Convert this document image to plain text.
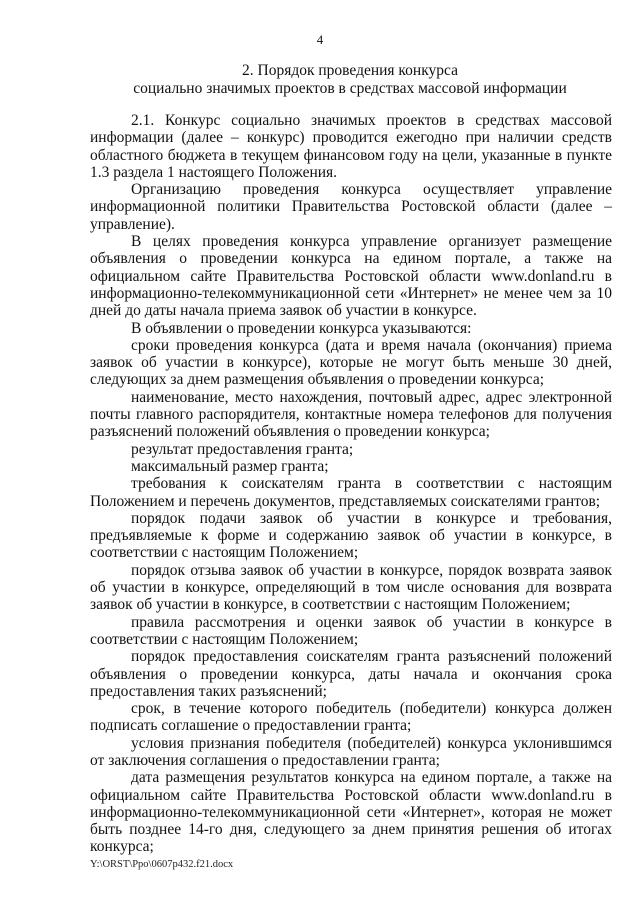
4
2. Порядок проведения конкурса
социально значимых проектов в средствах массовой информации

2.1. Конкурс социально значимых проектов в средствах массовой информации (далее – конкурс) проводится ежегодно при наличии средств областного бюджета в текущем финансовом году на цели, указанные в пункте 1.3 раздела 1 настоящего Положения.

Организацию проведения конкурса осуществляет управление информационной политики Правительства Ростовской области (далее – управление).

В целях проведения конкурса управление организует размещение объявления о проведении конкурса на едином портале, а также на официальном сайте Правительства Ростовской области www.donland.ru в информационно-телекоммуникационной сети «Интернет» не менее чем за 10 дней до даты начала приема заявок об участии в конкурсе.

В объявлении о проведении конкурса указываются:

сроки проведения конкурса (дата и время начала (окончания) приема заявок об участии в конкурсе), которые не могут быть меньше 30 дней, следующих за днем размещения объявления о проведении конкурса;

наименование, место нахождения, почтовый адрес, адрес электронной почты главного распорядителя, контактные номера телефонов для получения разъяснений положений объявления о проведении конкурса;

результат предоставления гранта;

максимальный размер гранта;

требования к соискателям гранта в соответствии с настоящим Положением и перечень документов, представляемых соискателями грантов;

порядок подачи заявок об участии в конкурсе и требования, предъявляемые к форме и содержанию заявок об участии в конкурсе, в соответствии с настоящим Положением;

порядок отзыва заявок об участии в конкурсе, порядок возврата заявок об участии в конкурсе, определяющий в том числе основания для возврата заявок об участии в конкурсе, в соответствии с настоящим Положением;

правила рассмотрения и оценки заявок об участии в конкурсе в соответствии с настоящим Положением;

порядок предоставления соискателям гранта разъяснений положений объявления о проведении конкурса, даты начала и окончания срока предоставления таких разъяснений;

срок, в течение которого победитель (победители) конкурса должен подписать соглашение о предоставлении гранта;

условия признания победителя (победителей) конкурса уклонившимся от заключения соглашения о предоставлении гранта;

дата размещения результатов конкурса на едином портале, а также на официальном сайте Правительства Ростовской области www.donland.ru в информационно-телекоммуникационной сети «Интернет», которая не может быть позднее 14-го дня, следующего за днем принятия решения об итогах конкурса;

Y:\ORST\Ppo\0607p432.f21.docx
